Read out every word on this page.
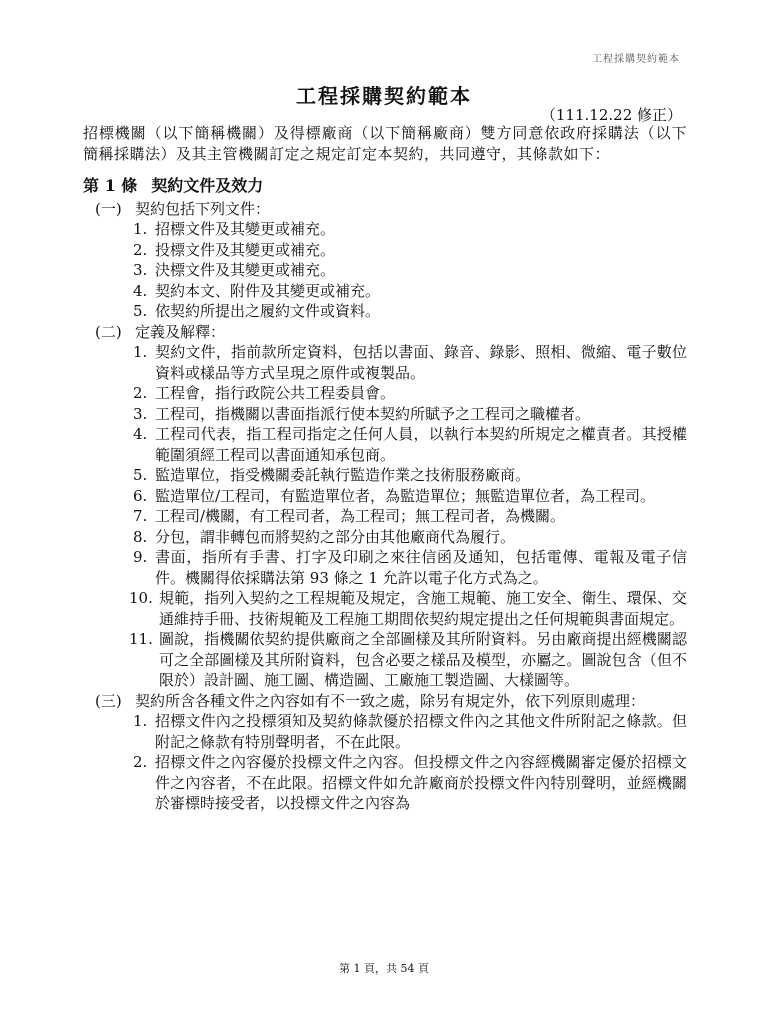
工程採購契約範本
工程採購契約範本
（111.12.22 修正）
招標機關（以下簡稱機關）及得標廠商（以下簡稱廠商）雙方同意依政府採購法（以下簡稱採購法）及其主管機關訂定之規定訂定本契約，共同遵守，其條款如下：
第 1 條 契約文件及效力
(一) 契約包括下列文件：
1. 招標文件及其變更或補充。
2. 投標文件及其變更或補充。
3. 決標文件及其變更或補充。
4. 契約本文、附件及其變更或補充。
5. 依契約所提出之履約文件或資料。
(二) 定義及解釋：
1. 契約文件，指前款所定資料，包括以書面、錄音、錄影、照相、微縮、電子數位資料或樣品等方式呈現之原件或複製品。
2. 工程會，指行政院公共工程委員會。
3. 工程司，指機關以書面指派行使本契約所賦予之工程司之職權者。
4. 工程司代表，指工程司指定之任何人員，以執行本契約所規定之權責者。其授權範圍須經工程司以書面通知承包商。
5. 監造單位，指受機關委託執行監造作業之技術服務廠商。
6. 監造單位/工程司，有監造單位者，為監造單位；無監造單位者，為工程司。
7. 工程司/機關，有工程司者，為工程司；無工程司者，為機關。
8. 分包，謂非轉包而將契約之部分由其他廠商代為履行。
9. 書面，指所有手書、打字及印刷之來往信函及通知，包括電傳、電報及電子信件。機關得依採購法第 93 條之 1 允許以電子化方式為之。
10. 規範，指列入契約之工程規範及規定，含施工規範、施工安全、衛生、環保、交通維持手冊、技術規範及工程施工期間依契約規定提出之任何規範與書面規定。
11. 圖說，指機關依契約提供廠商之全部圖樣及其所附資料。另由廠商提出經機關認可之全部圖樣及其所附資料，包含必要之樣品及模型，亦屬之。圖說包含（但不限於）設計圖、施工圖、構造圖、工廠施工製造圖、大樣圖等。
(三) 契約所含各種文件之內容如有不一致之處，除另有規定外，依下列原則處理：
1. 招標文件內之投標須知及契約條款優於招標文件內之其他文件所附記之條款。但附記之條款有特別聲明者，不在此限。
2. 招標文件之內容優於投標文件之內容。但投標文件之內容經機關審定優於招標文件之內容者，不在此限。招標文件如允許廠商於投標文件內特別聲明，並經機關於審標時接受者，以投標文件之內容為
第 1 頁，共 54 頁
